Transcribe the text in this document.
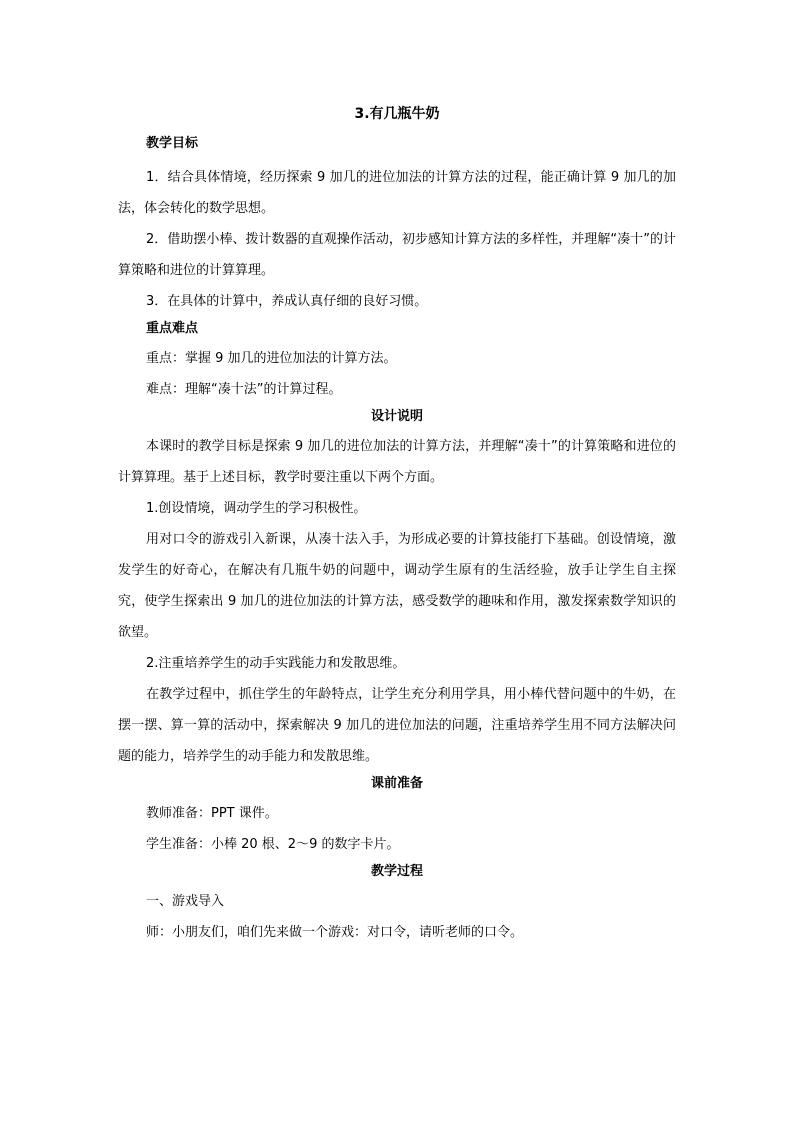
3.有几瓶牛奶
教学目标

1．结合具体情境，经历探索 9 加几的进位加法的计算方法的过程，能正确计算 9 加几的加法，体会转化的数学思想。

2．借助摆小棒、拨计数器的直观操作活动，初步感知计算方法的多样性，并理解“凑十”的计算策略和进位的计算算理。

3．在具体的计算中，养成认真仔细的良好习惯。

重点难点

重点：掌握 9 加几的进位加法的计算方法。

难点：理解“凑十法”的计算过程。

设计说明

本课时的教学目标是探索 9 加几的进位加法的计算方法，并理解“凑十”的计算策略和进位的计算算理。基于上述目标，教学时要注重以下两个方面。

1.创设情境，调动学生的学习积极性。

用对口令的游戏引入新课，从凑十法入手，为形成必要的计算技能打下基础。创设情境，激发学生的好奇心，在解决有几瓶牛奶的问题中，调动学生原有的生活经验，放手让学生自主探究，使学生探索出 9 加几的进位加法的计算方法，感受数学的趣味和作用，激发探索数学知识的欲望。

2.注重培养学生的动手实践能力和发散思维。

在教学过程中，抓住学生的年龄特点，让学生充分利用学具，用小棒代替问题中的牛奶，在摆一摆、算一算的活动中，探索解决 9 加几的进位加法的问题，注重培养学生用不同方法解决问题的能力，培养学生的动手能力和发散思维。

课前准备

教师准备：PPT 课件。

学生准备：小棒 20 根、2～9 的数字卡片。

教学过程

一、游戏导入

师：小朋友们，咱们先来做一个游戏：对口令，请听老师的口令。
